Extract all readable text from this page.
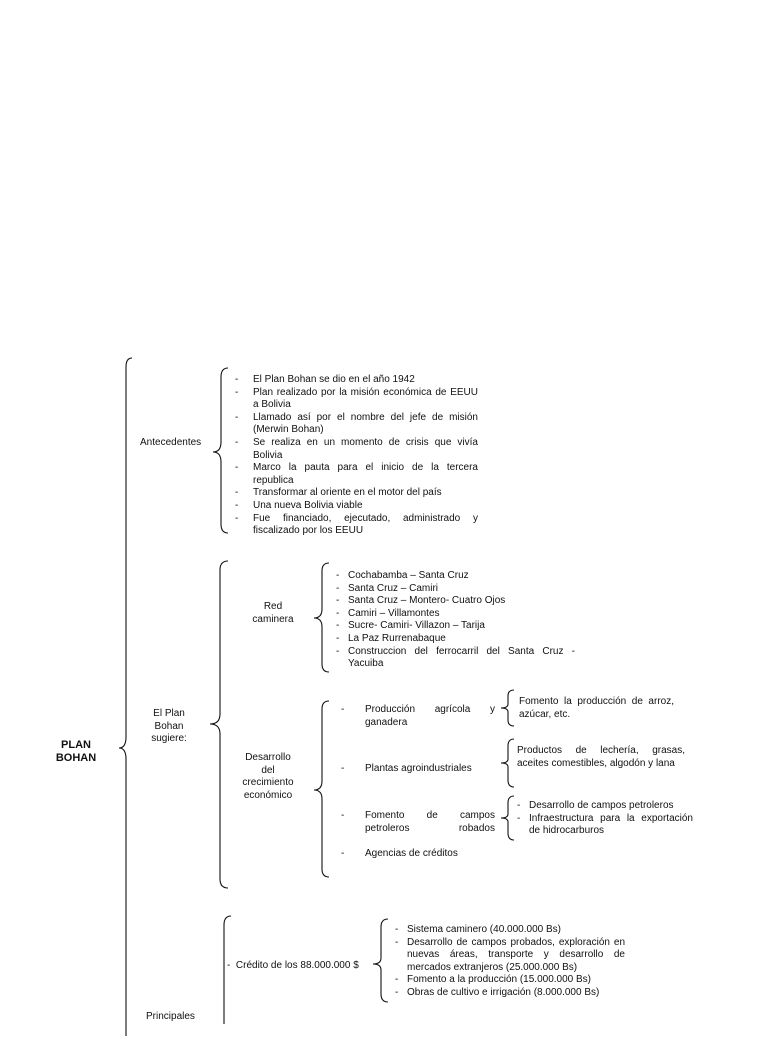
PLAN
BOHAN
Antecedentes
- El Plan Bohan se dio en el año 1942
- Plan realizado por la misión económica de EEUU a Bolivia
- Llamado así por el nombre del jefe de misión (Merwin Bohan)
- Se realiza en un momento de crisis que vivía Bolivia
- Marco la pauta para el inicio de la tercera republica
- Transformar al oriente en el motor del país
- Una nueva Bolivia viable
- Fue financiado, ejecutado, administrado y fiscalizado por los EEUU
El Plan
Bohan
sugiere:
Red
caminera
- Cochabamba – Santa Cruz
- Santa Cruz – Camiri
- Santa Cruz – Montero- Cuatro Ojos
- Camiri – Villamontes
- Sucre- Camiri- Villazon – Tarija
- La Paz Rurrenabaque
- Construccion del ferrocarril del Santa Cruz - Yacuiba
Desarrollo
del
crecimiento
económico
- Producción agrícola y ganadera
Fomento la producción de arroz, azúcar, etc.
- Plantas agroindustriales
Productos de lechería, grasas, aceites comestibles, algodón y lana
- Fomento de campos petroleros robados
- Desarrollo de campos petroleros
- Infraestructura para la exportación de hidrocarburos
- Agencias de créditos
Principales
- Crédito de los 88.000.000 $
- Sistema caminero (40.000.000 Bs)
- Desarrollo de campos probados, exploración en nuevas áreas, transporte y desarrollo de mercados extranjeros (25.000.000 Bs)
- Fomento a la producción (15.000.000 Bs)
- Obras de cultivo e irrigación (8.000.000 Bs)
